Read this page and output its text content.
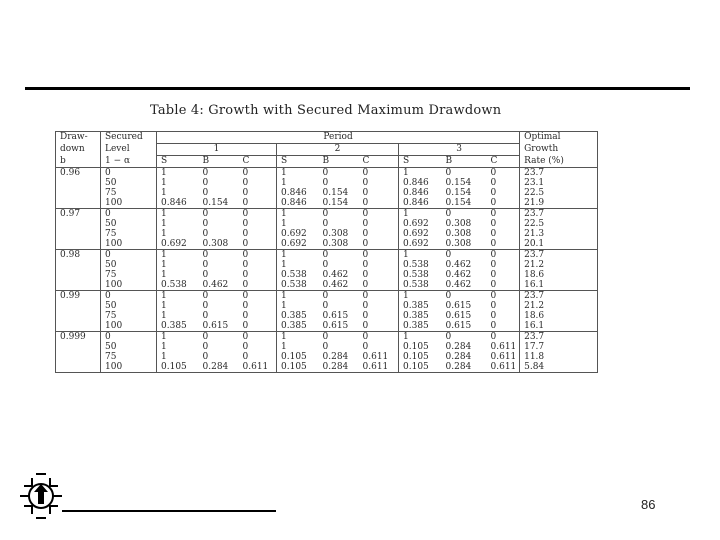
Table 4: Growth with Secured Maximum Drawdown
Draw-	Secured	Period									Optimal
down	Level	1			2			3			Growth
b	1 − α	S	B	C	S	B	C	S	B	C	Rate (%)
0.96	0	1	0	0	1	0	0	1	0	0	23.7
	50	1	0	0	1	0	0	0.846	0.154	0	23.1
	75	1	0	0	0.846	0.154	0	0.846	0.154	0	22.5
	100	0.846	0.154	0	0.846	0.154	0	0.846	0.154	0	21.9
0.97	0	1	0	0	1	0	0	1	0	0	23.7
	50	1	0	0	1	0	0	0.692	0.308	0	22.5
	75	1	0	0	0.692	0.308	0	0.692	0.308	0	21.3
	100	0.692	0.308	0	0.692	0.308	0	0.692	0.308	0	20.1
0.98	0	1	0	0	1	0	0	1	0	0	23.7
	50	1	0	0	1	0	0	0.538	0.462	0	21.2
	75	1	0	0	0.538	0.462	0	0.538	0.462	0	18.6
	100	0.538	0.462	0	0.538	0.462	0	0.538	0.462	0	16.1
0.99	0	1	0	0	1	0	0	1	0	0	23.7
	50	1	0	0	1	0	0	0.385	0.615	0	21.2
	75	1	0	0	0.385	0.615	0	0.385	0.615	0	18.6
	100	0.385	0.615	0	0.385	0.615	0	0.385	0.615	0	16.1
0.999	0	1	0	0	1	0	0	1	0	0	23.7
	50	1	0	0	1	0	0	0.105	0.284	0.611	17.7
	75	1	0	0	0.105	0.284	0.611	0.105	0.284	0.611	11.8
	100	0.105	0.284	0.611	0.105	0.284	0.611	0.105	0.284	0.611	5.84
86
